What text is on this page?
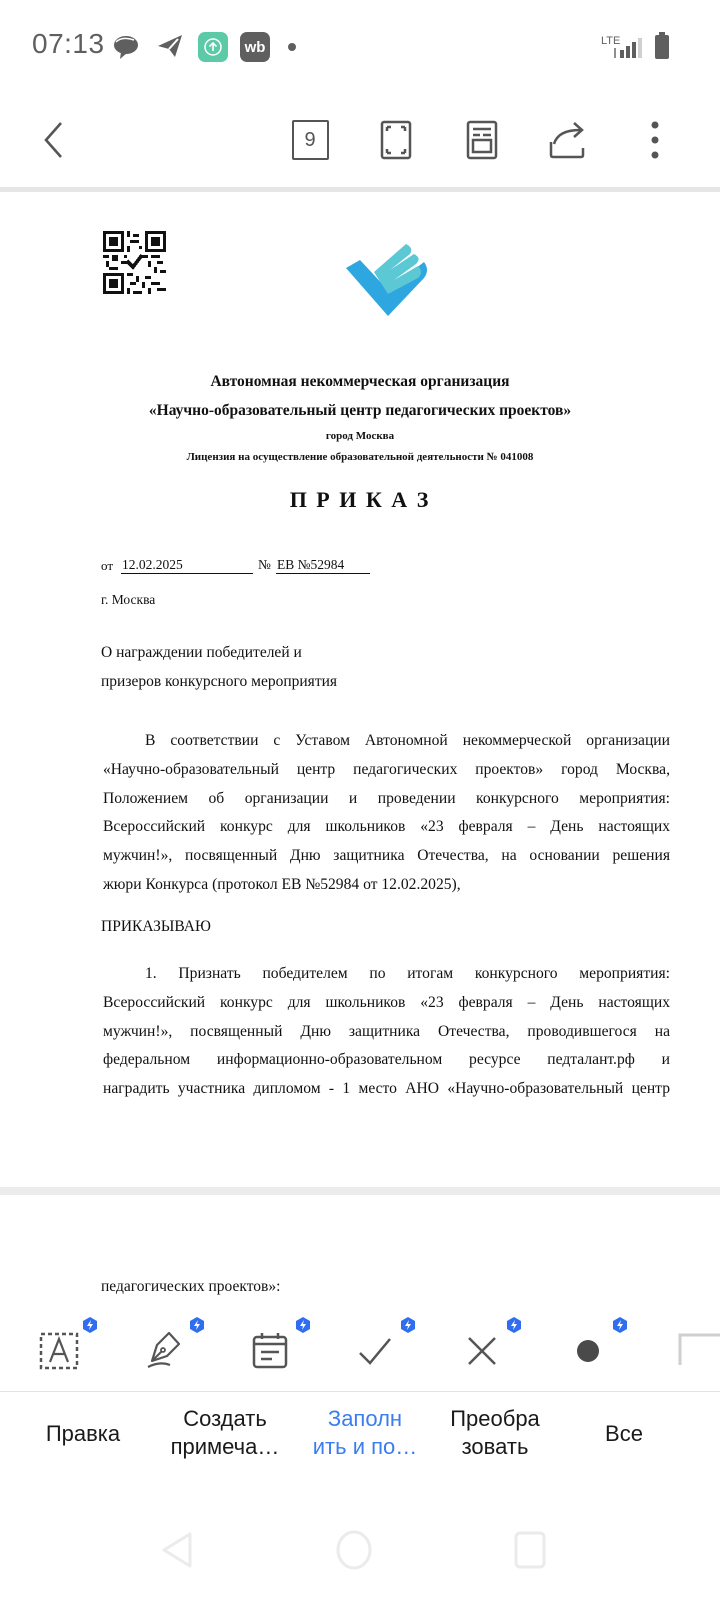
07:13	wb	LTE
9
Автономная некоммерческая организация
«Научно-образовательный центр педагогических проектов»
город Москва
Лицензия на осуществление образовательной деятельности № 041008
П Р И К А З
от 12.02.2025	№ ЕВ №52984
г. Москва
О награждении победителей и
призеров конкурсного мероприятия
В соответствии с Уставом Автономной некоммерческой организации
«Научно-образовательный центр педагогических проектов» город Москва,
Положением об организации и проведении конкурсного мероприятия:
Всероссийский конкурс для школьников «23 февраля – День настоящих
мужчин!», посвященный Дню защитника Отечества, на основании решения
жюри Конкурса (протокол ЕВ №52984 от 12.02.2025),
ПРИКАЗЫВАЮ
1. Признать победителем по итогам конкурсного мероприятия:
Всероссийский конкурс для школьников «23 февраля – День настоящих
мужчин!», посвященный Дню защитника Отечества, проводившегося на
федеральном информационно-образовательном ресурсе педталант.рф и
наградить участника дипломом - 1 место АНО «Научно-образовательный центр
педагогических проектов»:
Правка
Создать
примеча…
Заполн
ить и по…
Преобра
зовать
Все
